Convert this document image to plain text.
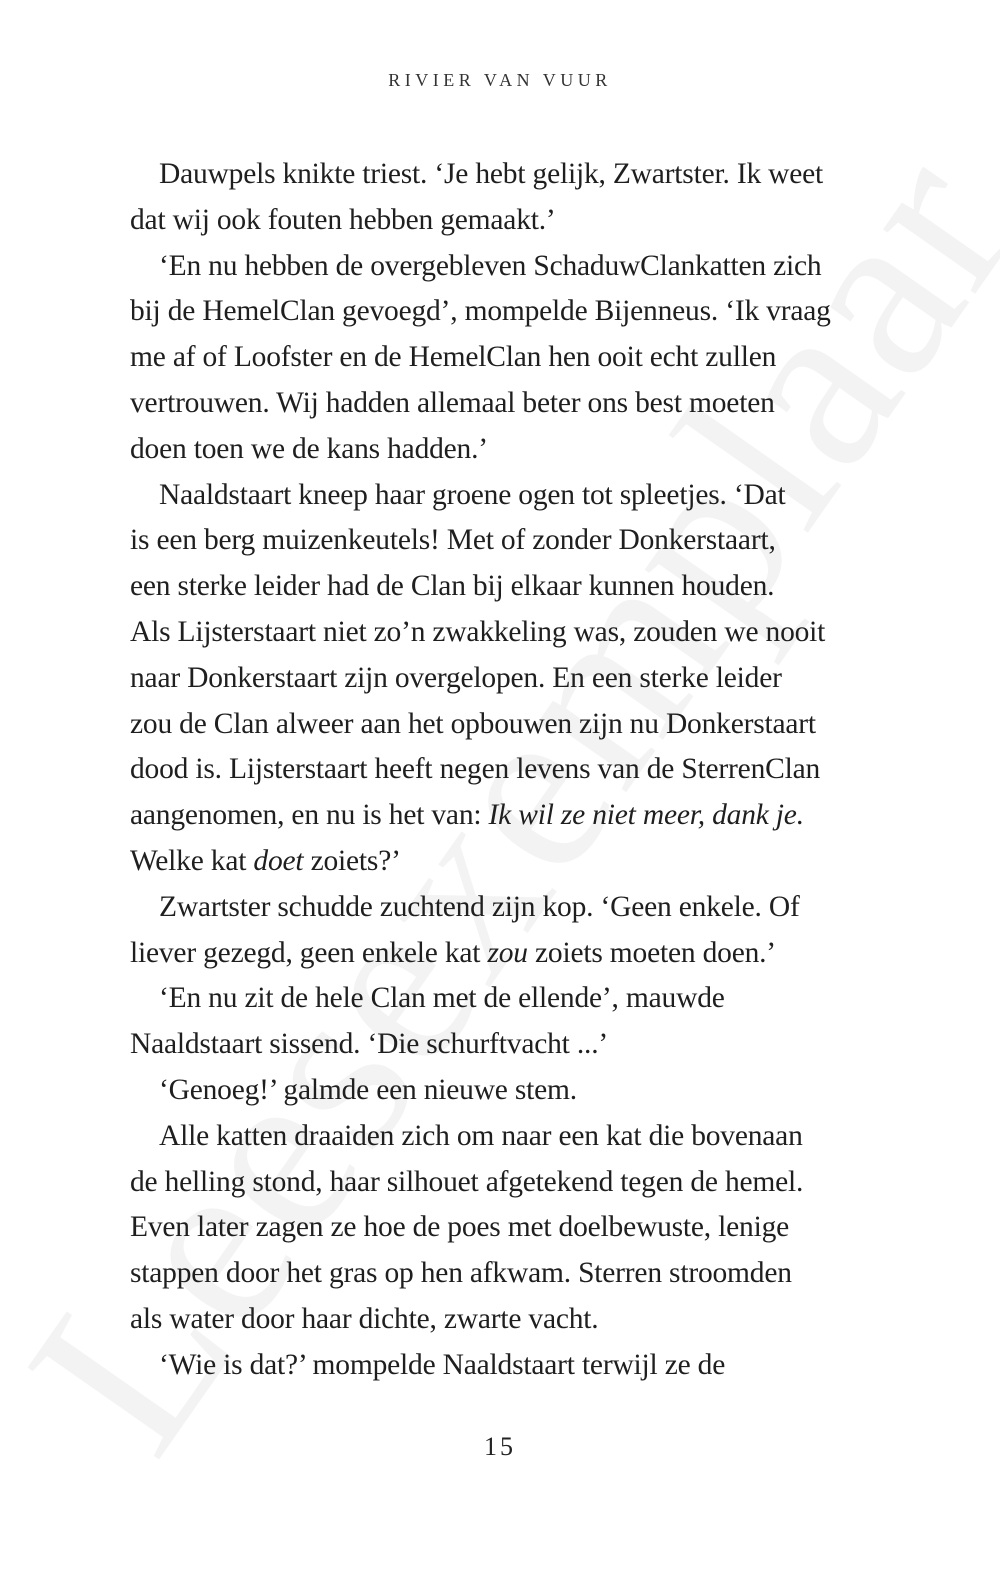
RIVIER VAN VUUR
Dauwpels knikte triest. ‘Je hebt gelijk, Zwartster. Ik weet
dat wij ook fouten hebben gemaakt.’
‘En nu hebben de overgebleven SchaduwClankatten zich
bij de HemelClan gevoegd’, mompelde Bijenneus. ‘Ik vraag
me af of Loofster en de HemelClan hen ooit echt zullen
vertrouwen. Wij hadden allemaal beter ons best moeten
doen toen we de kans hadden.’
Naaldstaart kneep haar groene ogen tot spleetjes. ‘Dat
is een berg muizenkeutels! Met of zonder Donkerstaart,
een sterke leider had de Clan bij elkaar kunnen houden.
Als Lijsterstaart niet zo’n zwakkeling was, zouden we nooit
naar Donkerstaart zijn overgelopen. En een sterke leider
zou de Clan alweer aan het opbouwen zijn nu Donkerstaart
dood is. Lijsterstaart heeft negen levens van de SterrenClan
aangenomen, en nu is het van: Ik wil ze niet meer, dank je.
Welke kat doet zoiets?’
Zwartster schudde zuchtend zijn kop. ‘Geen enkele. Of
liever gezegd, geen enkele kat zou zoiets moeten doen.’
‘En nu zit de hele Clan met de ellende’, mauwde
Naaldstaart sissend. ‘Die schurftvacht ...’
‘Genoeg!’ galmde een nieuwe stem.
Alle katten draaiden zich om naar een kat die bovenaan
de helling stond, haar silhouet afgetekend tegen de hemel.
Even later zagen ze hoe de poes met doelbewuste, lenige
stappen door het gras op hen afkwam. Sterren stroomden
als water door haar dichte, zwarte vacht.
‘Wie is dat?’ mompelde Naaldstaart terwijl ze de
15
